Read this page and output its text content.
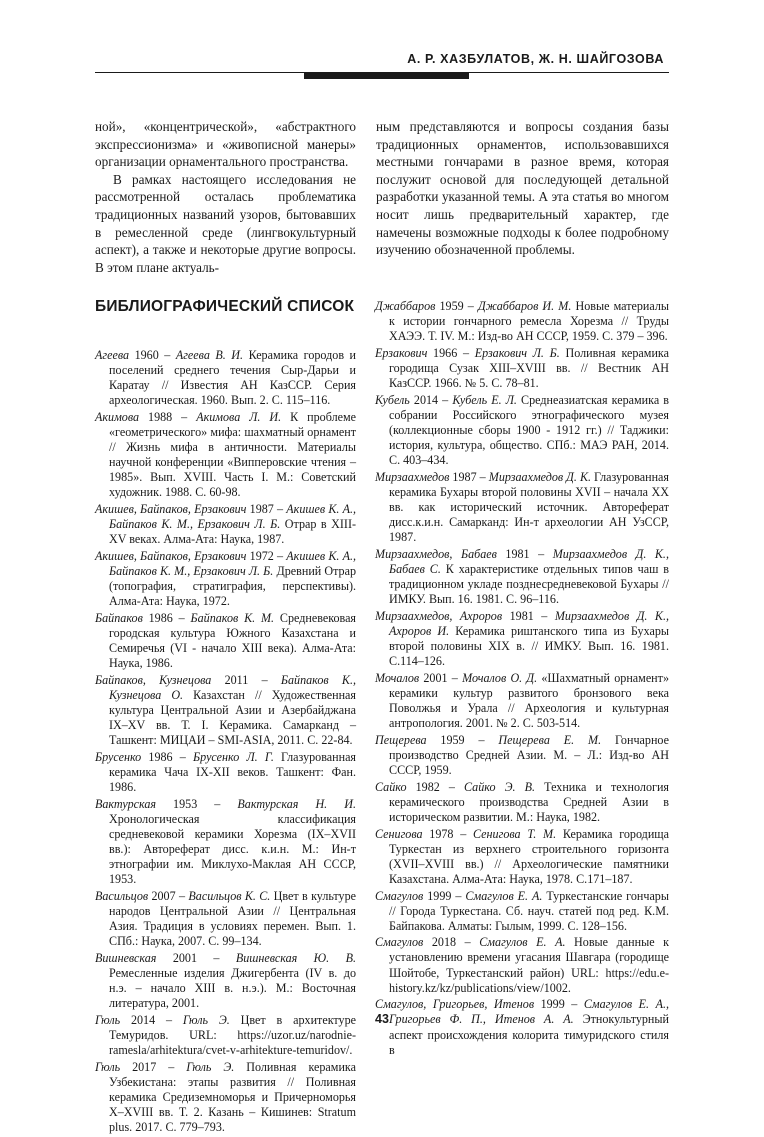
А. Р. ХАЗБУЛАТОВ, Ж. Н. ШАЙГОЗОВА

ной», «концентрической», «абстрактного экспрессионизма» и «живописной манеры» организации орнаментального пространства.

В рамках настоящего исследования не рассмотренной осталась проблематика традиционных названий узоров, бытовавших в ремесленной среде (лингвокультурный аспект), а также и некоторые другие вопросы. В этом плане актуаль-

ным представляются и вопросы создания базы традиционных орнаментов, использовавшихся местными гончарами в разное время, которая послужит основой для последующей детальной разработки указанной темы. А эта статья во многом носит лишь предварительный характер, где намечены возможные подходы к более подробному изучению обозначенной проблемы.

БИБЛИОГРАФИЧЕСКИЙ СПИСОК

Агеева 1960 – Агеева В. И. Керамика городов и поселений среднего течения Сыр-Дарьи и Каратау // Известия АН КазССР. Серия археологическая. 1960. Вып. 2. С. 115–116.

Акимова 1988 – Акимова Л. И. К проблеме «геометрического» мифа: шахматный орнамент // Жизнь мифа в античности. Материалы научной конференции «Випперовские чтения – 1985». Вып. XVIII. Часть I. М.: Советский художник. 1988. С. 60-98.

Акишев, Байпаков, Ерзакович 1987 – Акишев К. А., Байпаков К. М., Ерзакович Л. Б. Отрар в XIII-XV веках. Алма-Ата: Наука, 1987.

Акишев, Байпаков, Ерзакович 1972 – Акишев К. А., Байпаков К. М., Ерзакович Л. Б. Древний Отрар (топография, стратиграфия, перспективы). Алма-Ата: Наука, 1972.

Байпаков 1986 – Байпаков К. М. Средневековая городская культура Южного Казахстана и Семиречья (VI - начало XIII века). Алма-Ата: Наука, 1986.

Байпаков, Кузнецова 2011 – Байпаков К., Кузнецова О. Казахстан // Художественная культура Центральной Азии и Азербайджана IX–XV вв. Т. I. Керамика. Самарканд – Ташкент: МИЦАИ – SMI-ASIA, 2011. С. 22-84.

Брусенко 1986 – Брусенко Л. Г. Глазурованная керамика Чача IX-XII веков. Ташкент: Фан. 1986.

Вактурская 1953 – Вактурская Н. И. Хронологическая классификация средневековой керамики Хорезма (IX–XVII вв.): Автореферат дисс. к.и.н. М.: Ин-т этнографии им. Миклухо-Маклая АН СССР, 1953.

Васильцов 2007 – Васильцов К. С. Цвет в культуре народов Центральной Азии // Центральная Азия. Традиция в условиях перемен. Вып. 1. СПб.: Наука, 2007. С. 99–134.

Вишневская 2001 – Вишневская Ю. В. Ремесленные изделия Джигербента (IV в. до н.э. – начало XIII в. н.э.). М.: Восточная литература, 2001.

Гюль 2014 – Гюль Э. Цвет в архитектуре Темуридов. URL: https://uzor.uz/narodnie-ramesla/arhitektura/cvet-v-arhitekture-temuridov/.

Гюль 2017 – Гюль Э. Поливная керамика Узбекистана: этапы развития // Поливная керамика Средиземноморья и Причерноморья X–XVIII вв. Т. 2. Казань – Кишинев: Stratum plus. 2017. С. 779–793.

Джаббаров 1959 – Джаббаров И. М. Новые материалы к истории гончарного ремесла Хорезма // Труды ХАЭЭ. Т. IV. М.: Изд-во АН СССР, 1959. С. 379 – 396.

Ерзакович 1966 – Ерзакович Л. Б. Поливная керамика городища Сузак XIII–XVIII вв. // Вестник АН КазССР. 1966. № 5. С. 78–81.

Кубель 2014 – Кубель Е. Л. Среднеазиатская керамика в собрании Российского этнографического музея (коллекционные сборы 1900 - 1912 гг.) // Таджики: история, культура, общество. СПб.: МАЭ РАН, 2014. С. 403–434.

Мирзаахмедов 1987 – Мирзаахмедов Д. К. Глазурованная керамика Бухары второй половины XVII – начала XX вв. как исторический источник. Автореферат дисс.к.и.н. Самарканд: Ин-т археологии АН УзССР, 1987.

Мирзаахмедов, Бабаев 1981 – Мирзаахмедов Д. К., Бабаев С. К характеристике отдельных типов чаш в традиционном укладе позднесредневековой Бухары // ИМКУ. Вып. 16. 1981. С. 96–116.

Мирзаахмедов, Ахроров 1981 – Мирзаахмедов Д. К., Ахроров И. Керамика риштанского типа из Бухары второй половины XIX в. // ИМКУ. Вып. 16. 1981. С.114–126.

Мочалов 2001 – Мочалов О. Д. «Шахматный орнамент» керамики культур развитого бронзового века Поволжья и Урала // Археология и культурная антропология. 2001. № 2. С. 503-514.

Пещерева 1959 – Пещерева Е. М. Гончарное производство Средней Азии. М. – Л.: Изд-во АН СССР, 1959.

Сайко 1982 – Сайко Э. В. Техника и технология керамического производства Средней Азии в историческом развитии. М.: Наука, 1982.

Сенигова 1978 – Сенигова Т. М. Керамика городища Туркестан из верхнего строительного горизонта (XVII–XVIII вв.) // Археологические памятники Казахстана. Алма-Ата: Наука, 1978. С.171–187.

Смагулов 1999 – Смагулов Е. А. Туркестанские гончары // Города Туркестана. Сб. науч. статей под ред. К.М. Байпакова. Алматы: Гылым, 1999. С. 128–156.

Смагулов 2018 – Смагулов Е. А. Новые данные к установлению времени угасания Шавгара (городище Шойтобе, Туркестанский район) URL: https://edu.e-history.kz/kz/publications/view/1002.

Смагулов, Григорьев, Итенов 1999 – Смагулов Е. А., Григорьев Ф. П., Итенов А. А. Этнокультурный аспект происхождения колорита тимуридского стиля в

43
